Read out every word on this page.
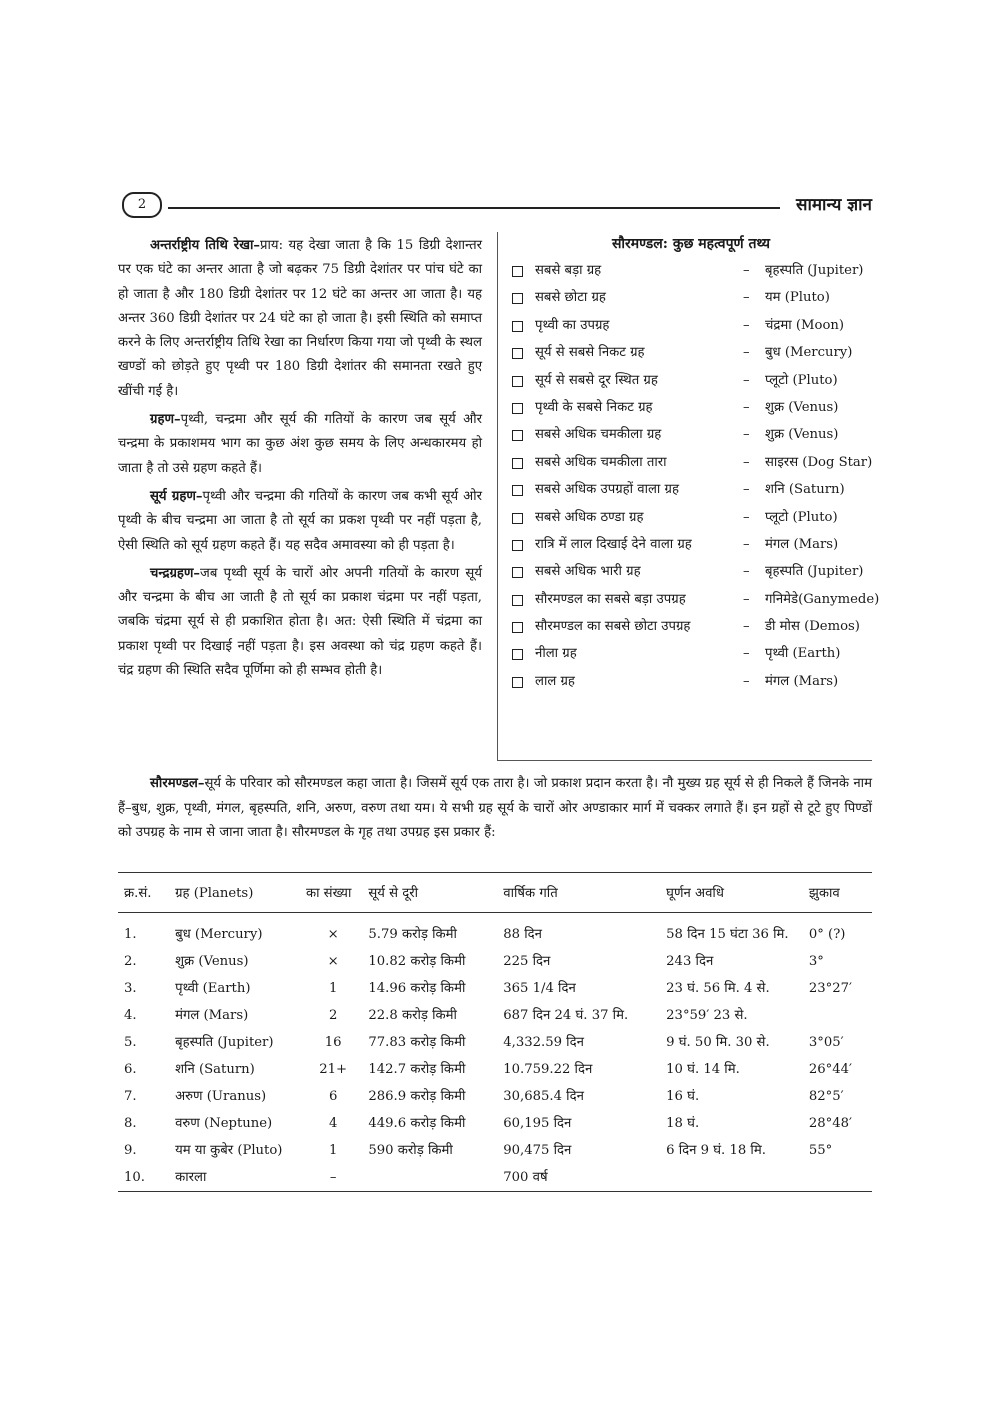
2	सामान्य ज्ञान

अन्तर्राष्ट्रीय तिथि रेखा–प्राय: यह देखा जाता है कि 15 डिग्री देशान्तर पर एक घंटे का अन्तर आता है जो बढ़कर 75 डिग्री देशांतर पर पांच घंटे का हो जाता है और 180 डिग्री देशांतर पर 12 घंटे का अन्तर आ जाता है। यह अन्तर 360 डिग्री देशांतर पर 24 घंटे का हो जाता है। इसी स्थिति को समाप्त करने के लिए अन्तर्राष्ट्रीय तिथि रेखा का निर्धारण किया गया जो पृथ्वी के स्थल खण्डों को छोड़ते हुए पृथ्वी पर 180 डिग्री देशांतर की समानता रखते हुए खींची गई है।

ग्रहण–पृथ्वी, चन्द्रमा और सूर्य की गतियों के कारण जब सूर्य और चन्द्रमा के प्रकाशमय भाग का कुछ अंश कुछ समय के लिए अन्धकारमय हो जाता है तो उसे ग्रहण कहते हैं।

सूर्य ग्रहण–पृथ्वी और चन्द्रमा की गतियों के कारण जब कभी सूर्य ओर पृथ्वी के बीच चन्द्रमा आ जाता है तो सूर्य का प्रकश पृथ्वी पर नहीं पड़ता है, ऐसी स्थिति को सूर्य ग्रहण कहते हैं। यह सदैव अमावस्या को ही पड़ता है।

चन्द्रग्रहण–जब पृथ्वी सूर्य के चारों ओर अपनी गतियों के कारण सूर्य और चन्द्रमा के बीच आ जाती है तो सूर्य का प्रकाश चंद्रमा पर नहीं पड़ता, जबकि चंद्रमा सूर्य से ही प्रकाशित होता है। अत: ऐसी स्थिति में चंद्रमा का प्रकाश पृथ्वी पर दिखाई नहीं पड़ता है। इस अवस्था को चंद्र ग्रहण कहते हैं। चंद्र ग्रहण की स्थिति सदैव पूर्णिमा को ही सम्भव होती है।

सौरमण्डल: कुछ महत्वपूर्ण तथ्य
सबसे बड़ा ग्रह	–	बृहस्पति (Jupiter)
सबसे छोटा ग्रह	–	यम (Pluto)
पृथ्वी का उपग्रह	–	चंद्रमा (Moon)
सूर्य से सबसे निकट ग्रह	–	बुध (Mercury)
सूर्य से सबसे दूर स्थित ग्रह	–	प्लूटो (Pluto)
पृथ्वी के सबसे निकट ग्रह	–	शुक्र (Venus)
सबसे अधिक चमकीला ग्रह	–	शुक्र (Venus)
सबसे अधिक चमकीला तारा	–	साइरस (Dog Star)
सबसे अधिक उपग्रहों वाला ग्रह	–	शनि (Saturn)
सबसे अधिक ठण्डा ग्रह	–	प्लूटो (Pluto)
रात्रि में लाल दिखाई देने वाला ग्रह	–	मंगल (Mars)
सबसे अधिक भारी ग्रह	–	बृहस्पति (Jupiter)
सौरमण्डल का सबसे बड़ा उपग्रह	–	गनिमेडे(Ganymede)
सौरमण्डल का सबसे छोटा उपग्रह	–	डी मोस (Demos)
नीला ग्रह	–	पृथ्वी (Earth)
लाल ग्रह	–	मंगल (Mars)

सौरमण्डल–सूर्य के परिवार को सौरमण्डल कहा जाता है। जिसमें सूर्य एक तारा है। जो प्रकाश प्रदान करता है। नौ मुख्य ग्रह सूर्य से ही निकले हैं जिनके नाम हैं–बुध, शुक्र, पृथ्वी, मंगल, बृहस्पति, शनि, अरुण, वरुण तथा यम। ये सभी ग्रह सूर्य के चारों ओर अण्डाकार मार्ग में चक्कर लगाते हैं। इन ग्रहों से टूटे हुए पिण्डों को उपग्रह के नाम से जाना जाता है। सौरमण्डल के गृह तथा उपग्रह इस प्रकार हैं:

क्र.सं.	ग्रह (Planets)	का संख्या	सूर्य से दूरी	वार्षिक गति	घूर्णन अवधि	झुकाव
1.	बुध (Mercury)	×	5.79 करोड़ किमी	88 दिन	58 दिन 15 घंटा 36 मि.	0° (?)
2.	शुक्र (Venus)	×	10.82 करोड़ किमी	225 दिन	243 दिन	3°
3.	पृथ्वी (Earth)	1	14.96 करोड़ किमी	365 1/4 दिन	23 घं. 56 मि. 4 से.	23°27′
4.	मंगल (Mars)	2	22.8 करोड़ किमी	687 दिन 24 घं. 37 मि.	23°59′ 23 से.	
5.	बृहस्पति (Jupiter)	16	77.83 करोड़ किमी	4,332.59 दिन	9 घं. 50 मि. 30 से.	3°05′
6.	शनि (Saturn)	21+	142.7 करोड़ किमी	10.759.22 दिन	10 घं. 14 मि.	26°44′
7.	अरुण (Uranus)	6	286.9 करोड़ किमी	30,685.4 दिन	16 घं.	82°5′
8.	वरुण (Neptune)	4	449.6 करोड़ किमी	60,195 दिन	18 घं.	28°48′
9.	यम या कुबेर (Pluto)	1	590 करोड़ किमी	90,475 दिन	6 दिन 9 घं. 18 मि.	55°
10.	कारला	–		700 वर्ष		
